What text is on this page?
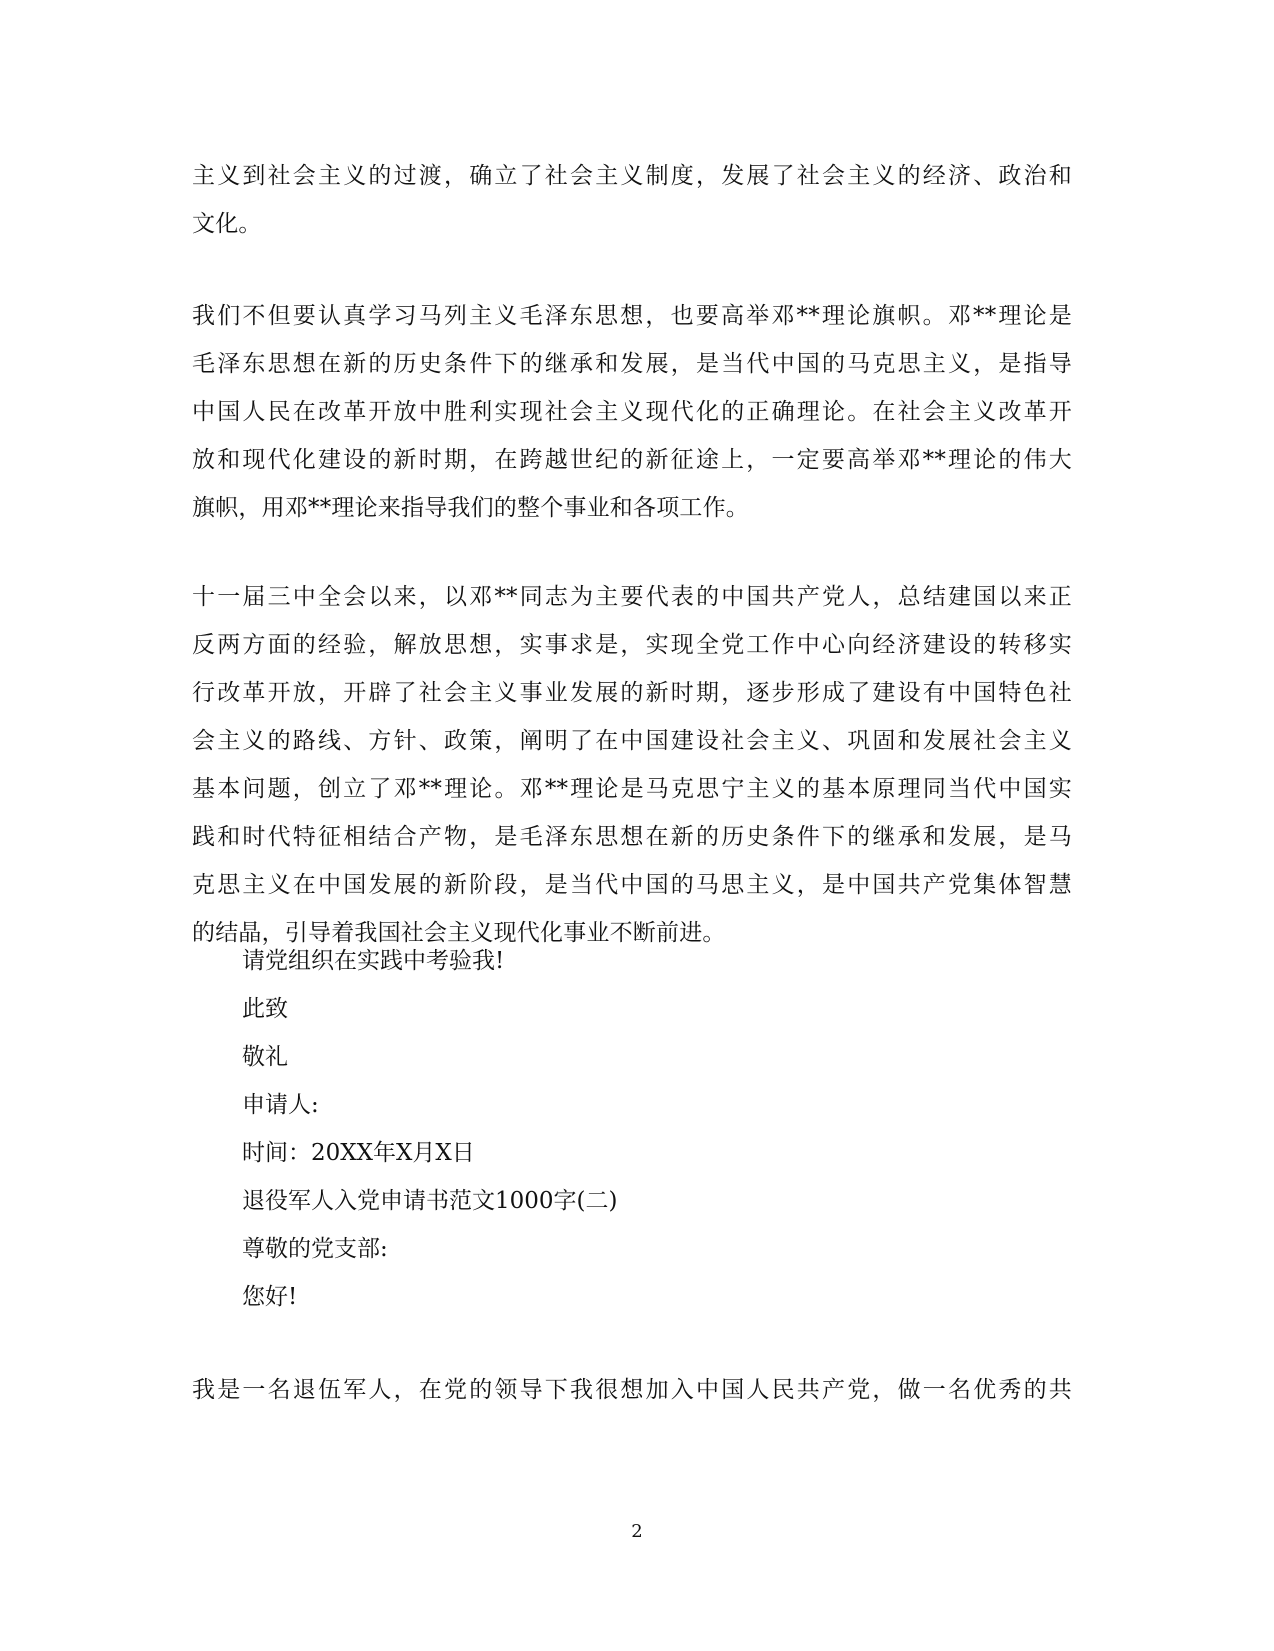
主义到社会主义的过渡，确立了社会主义制度，发展了社会主义的经济、政治和
文化。
我们不但要认真学习马列主义毛泽东思想，也要高举邓**理论旗帜。邓**理论是
毛泽东思想在新的历史条件下的继承和发展，是当代中国的马克思主义，是指导
中国人民在改革开放中胜利实现社会主义现代化的正确理论。在社会主义改革开
放和现代化建设的新时期，在跨越世纪的新征途上，一定要高举邓**理论的伟大
旗帜，用邓**理论来指导我们的整个事业和各项工作。
十一届三中全会以来，以邓**同志为主要代表的中国共产党人，总结建国以来正
反两方面的经验，解放思想，实事求是，实现全党工作中心向经济建设的转移实
行改革开放，开辟了社会主义事业发展的新时期，逐步形成了建设有中国特色社
会主义的路线、方针、政策，阐明了在中国建设社会主义、巩固和发展社会主义
基本问题，创立了邓**理论。邓**理论是马克思宁主义的基本原理同当代中国实
践和时代特征相结合产物，是毛泽东思想在新的历史条件下的继承和发展，是马
克思主义在中国发展的新阶段，是当代中国的马思主义，是中国共产党集体智慧
的结晶，引导着我国社会主义现代化事业不断前进。

请党组织在实践中考验我!

此致

敬礼

申请人:

时间：20XX年X月X日

退役军人入党申请书范文1000字(二)

尊敬的党支部:

您好!

我是一名退伍军人，在党的领导下我很想加入中国人民共产党，做一名优秀的共
2
